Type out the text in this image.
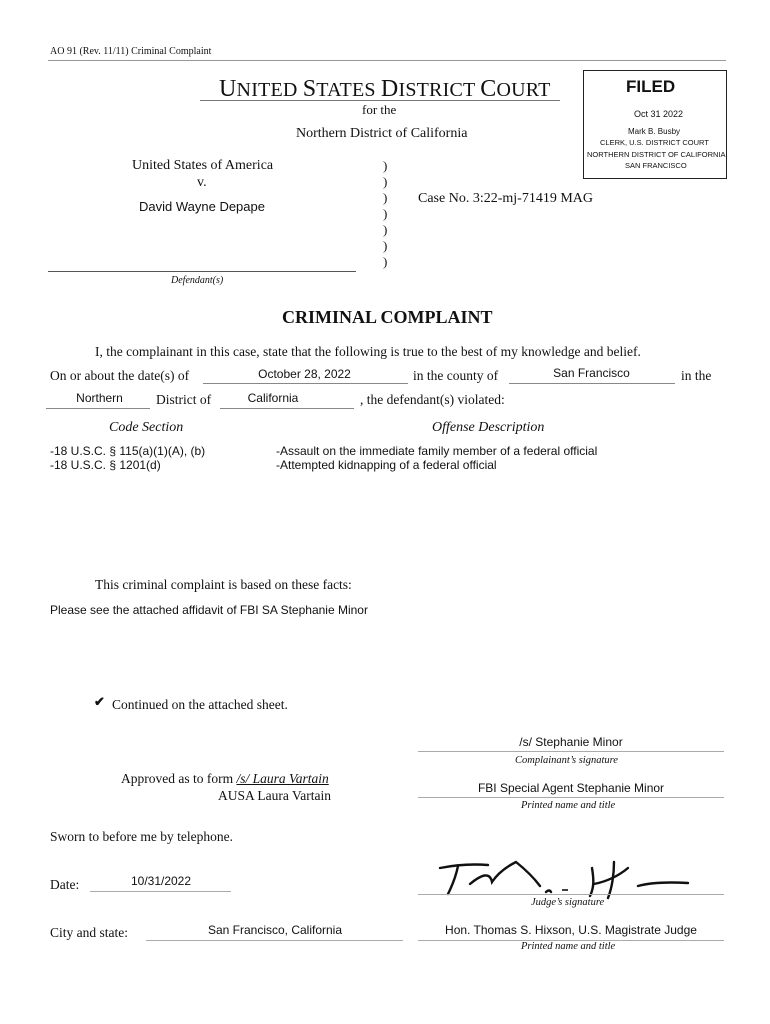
AO 91 (Rev. 11/11) Criminal Complaint
UNITED STATES DISTRICT COURT
for the
Northern District of California
FILED
Oct 31 2022
Mark B. Busby
CLERK, U.S. DISTRICT COURT
NORTHERN DISTRICT OF CALIFORNIA
SAN FRANCISCO
United States of America
v.
David Wayne Depape
Defendant(s)
)
)
)
)
)
)
)
Case No. 3:22-mj-71419 MAG
CRIMINAL COMPLAINT
I, the complainant in this case, state that the following is true to the best of my knowledge and belief.
On or about the date(s) of	October 28, 2022	in the county of	San Francisco	in the
Northern	District of	California	, the defendant(s) violated:
Code Section	Offense Description
-18 U.S.C. § 115(a)(1)(A), (b)	-Assault on the immediate family member of a federal official
-18 U.S.C. § 1201(d)	-Attempted kidnapping of a federal official
This criminal complaint is based on these facts:
Please see the attached affidavit of FBI SA Stephanie Minor
✔ Continued on the attached sheet.
/s/ Stephanie Minor
Complainant’s signature
FBI Special Agent Stephanie Minor
Printed name and title
Approved as to form /s/ Laura Vartain
AUSA Laura Vartain
Sworn to before me by telephone.
Date:	10/31/2022
Judge’s signature
City and state:	San Francisco, California	Hon. Thomas S. Hixson, U.S. Magistrate Judge
Printed name and title
